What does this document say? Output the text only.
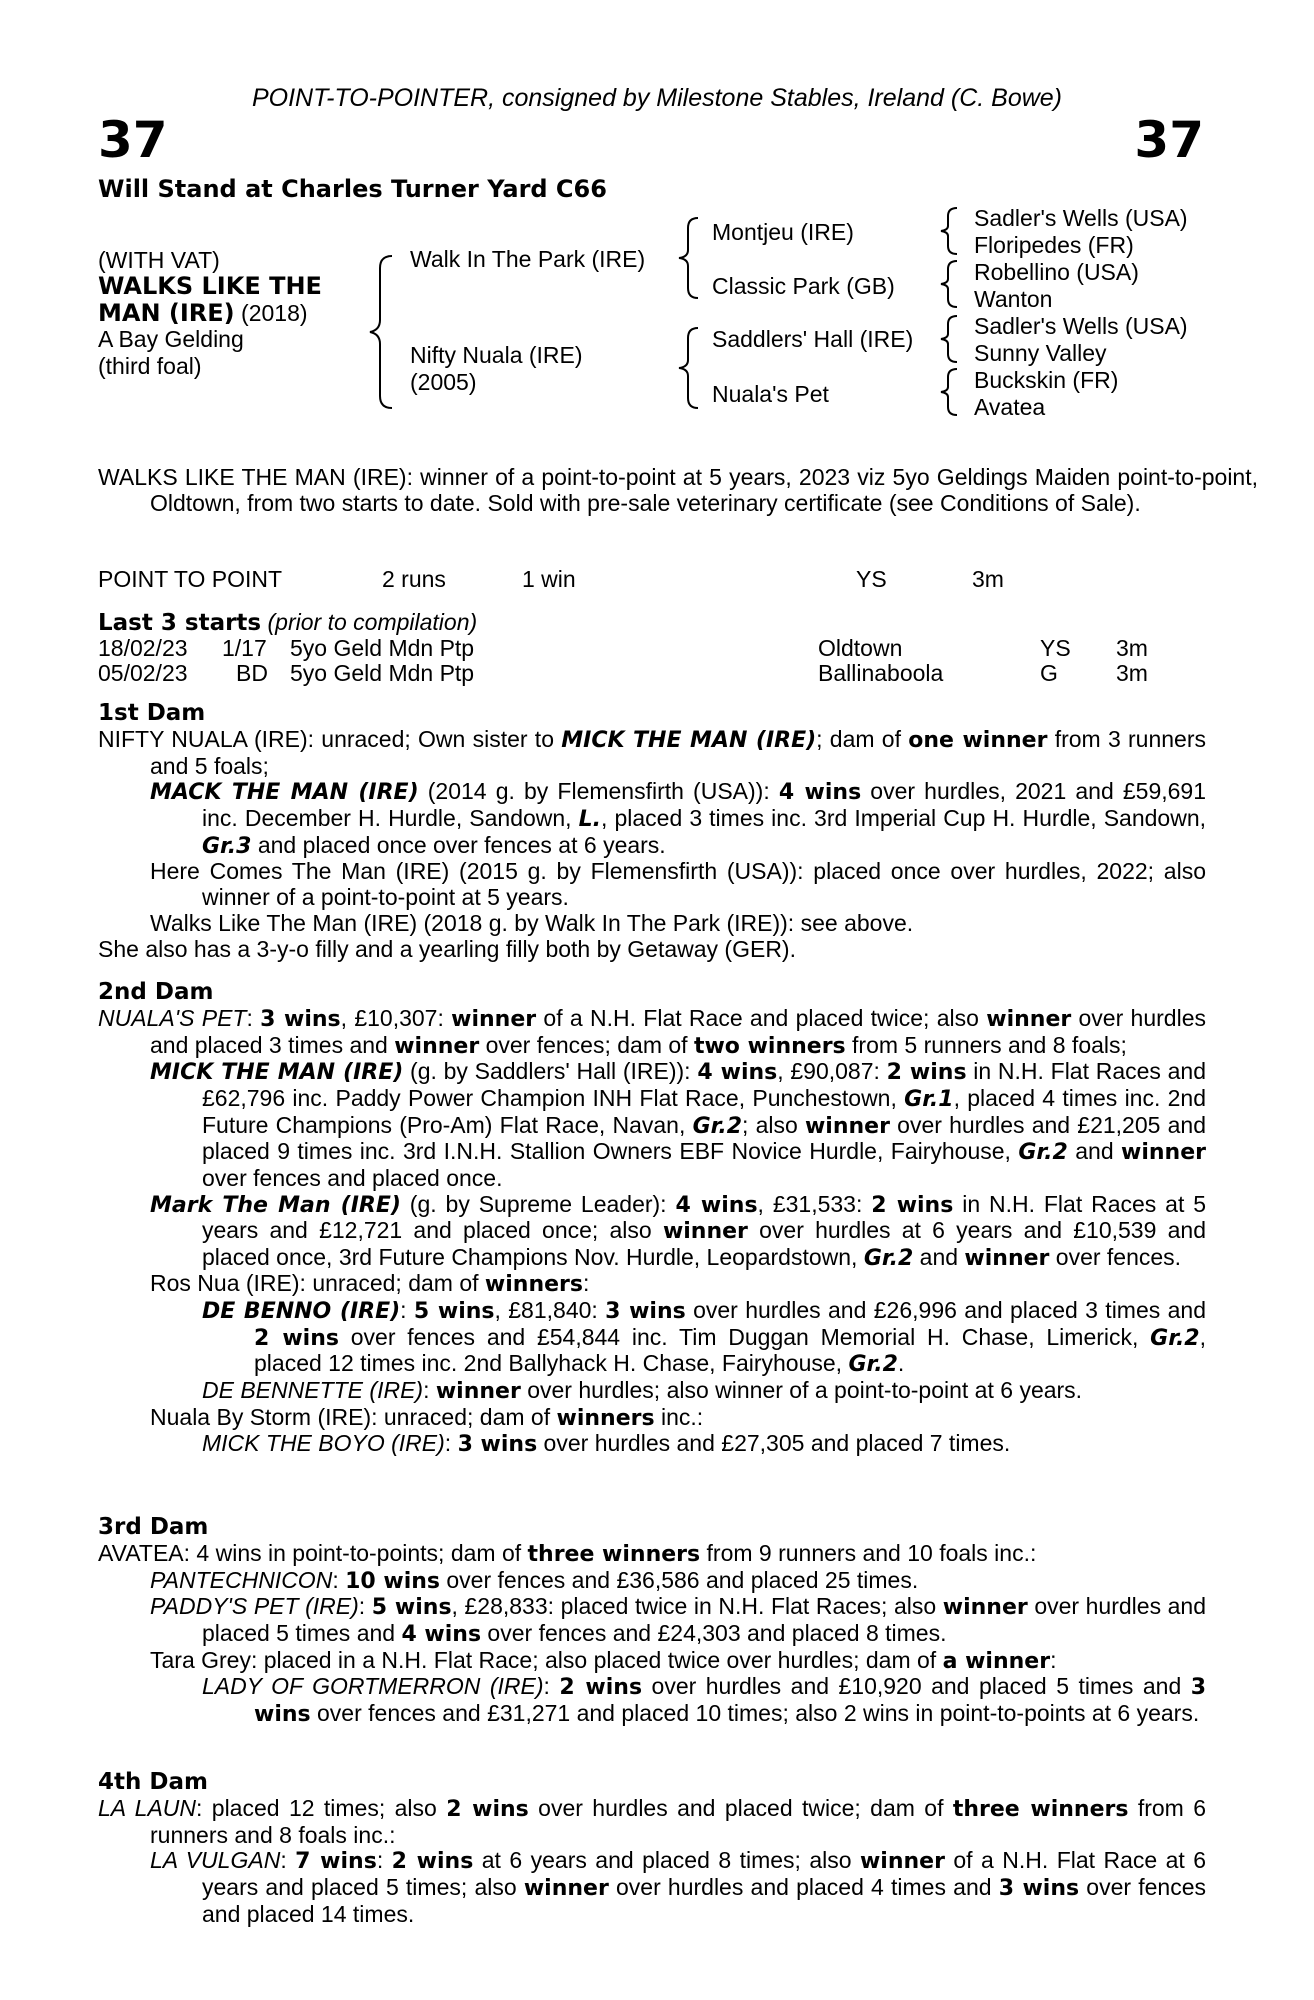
POINT-TO-POINTER, consigned by Milestone Stables, Ireland (C. Bowe)
37	37
Will Stand at Charles Turner Yard C66
(WITH VAT)
WALKS LIKE THE
MAN (IRE) (2018)
A Bay Gelding
(third foal)
Walk In The Park (IRE)
Nifty Nuala (IRE)
(2005)
Montjeu (IRE)
Classic Park (GB)
Saddlers' Hall (IRE)
Nuala's Pet
Sadler's Wells (USA)
Floripedes (FR)
Robellino (USA)
Wanton
Sadler's Wells (USA)
Sunny Valley
Buckskin (FR)
Avatea
WALKS LIKE THE MAN (IRE): winner of a point-to-point at 5 years, 2023 viz 5yo Geldings Maiden point-to-point, Oldtown, from two starts to date. Sold with pre-sale veterinary certificate (see Conditions of Sale).
POINT TO POINT	2 runs	1 win	YS	3m
Last 3 starts (prior to compilation)
18/02/23 1/17 5yo Geld Mdn Ptp	Oldtown	YS 3m
05/02/23 BD 5yo Geld Mdn Ptp	Ballinaboola	G	3m
1st Dam
NIFTY NUALA (IRE): unraced; Own sister to MICK THE MAN (IRE); dam of one winner from 3 runners and 5 foals;
MACK THE MAN (IRE) (2014 g. by Flemensfirth (USA)): 4 wins over hurdles, 2021 and £59,691 inc. December H. Hurdle, Sandown, L., placed 3 times inc. 3rd Imperial Cup H. Hurdle, Sandown, Gr.3 and placed once over fences at 6 years.
Here Comes The Man (IRE) (2015 g. by Flemensfirth (USA)): placed once over hurdles, 2022; also winner of a point-to-point at 5 years.
Walks Like The Man (IRE) (2018 g. by Walk In The Park (IRE)): see above.
She also has a 3-y-o filly and a yearling filly both by Getaway (GER).
2nd Dam
NUALA'S PET: 3 wins, £10,307: winner of a N.H. Flat Race and placed twice; also winner over hurdles and placed 3 times and winner over fences; dam of two winners from 5 runners and 8 foals;
MICK THE MAN (IRE) (g. by Saddlers' Hall (IRE)): 4 wins, £90,087: 2 wins in N.H. Flat Races and £62,796 inc. Paddy Power Champion INH Flat Race, Punchestown, Gr.1, placed 4 times inc. 2nd Future Champions (Pro-Am) Flat Race, Navan, Gr.2; also winner over hurdles and £21,205 and placed 9 times inc. 3rd I.N.H. Stallion Owners EBF Novice Hurdle, Fairyhouse, Gr.2 and winner over fences and placed once.
Mark The Man (IRE) (g. by Supreme Leader): 4 wins, £31,533: 2 wins in N.H. Flat Races at 5 years and £12,721 and placed once; also winner over hurdles at 6 years and £10,539 and placed once, 3rd Future Champions Nov. Hurdle, Leopardstown, Gr.2 and winner over fences.
Ros Nua (IRE): unraced; dam of winners:
DE BENNO (IRE): 5 wins, £81,840: 3 wins over hurdles and £26,996 and placed 3 times and 2 wins over fences and £54,844 inc. Tim Duggan Memorial H. Chase, Limerick, Gr.2, placed 12 times inc. 2nd Ballyhack H. Chase, Fairyhouse, Gr.2.
DE BENNETTE (IRE): winner over hurdles; also winner of a point-to-point at 6 years.
Nuala By Storm (IRE): unraced; dam of winners inc.:
MICK THE BOYO (IRE): 3 wins over hurdles and £27,305 and placed 7 times.
3rd Dam
AVATEA: 4 wins in point-to-points; dam of three winners from 9 runners and 10 foals inc.:
PANTECHNICON: 10 wins over fences and £36,586 and placed 25 times.
PADDY'S PET (IRE): 5 wins, £28,833: placed twice in N.H. Flat Races; also winner over hurdles and placed 5 times and 4 wins over fences and £24,303 and placed 8 times.
Tara Grey: placed in a N.H. Flat Race; also placed twice over hurdles; dam of a winner:
LADY OF GORTMERRON (IRE): 2 wins over hurdles and £10,920 and placed 5 times and 3 wins over fences and £31,271 and placed 10 times; also 2 wins in point-to-points at 6 years.
4th Dam
LA LAUN: placed 12 times; also 2 wins over hurdles and placed twice; dam of three winners from 6 runners and 8 foals inc.:
LA VULGAN: 7 wins: 2 wins at 6 years and placed 8 times; also winner of a N.H. Flat Race at 6 years and placed 5 times; also winner over hurdles and placed 4 times and 3 wins over fences and placed 14 times.
